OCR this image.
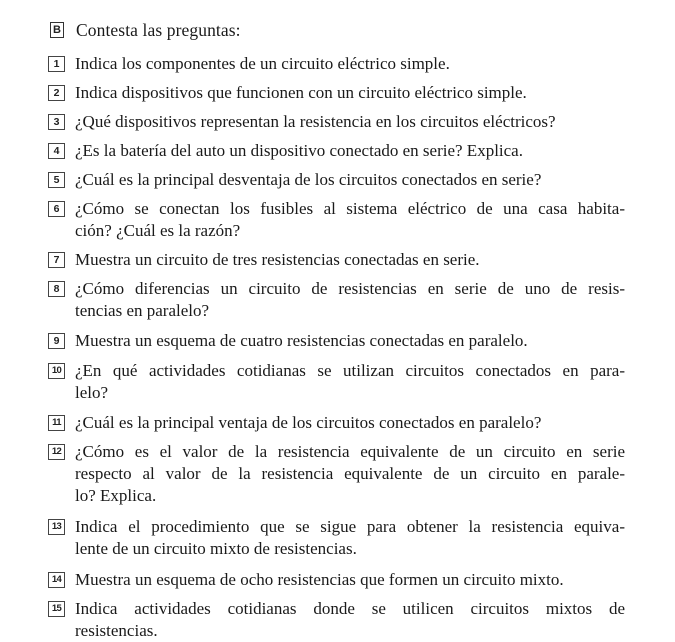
B Contesta las preguntas:
1 Indica los componentes de un circuito eléctrico simple.
2 Indica dispositivos que funcionen con un circuito eléctrico simple.
3 ¿Qué dispositivos representan la resistencia en los circuitos eléctricos?
4 ¿Es la batería del auto un dispositivo conectado en serie? Explica.
5 ¿Cuál es la principal desventaja de los circuitos conectados en serie?
6 ¿Cómo se conectan los fusibles al sistema eléctrico de una casa habita-
ción? ¿Cuál es la razón?
7 Muestra un circuito de tres resistencias conectadas en serie.
8 ¿Cómo diferencias un circuito de resistencias en serie de uno de resis-
tencias en paralelo?
9 Muestra un esquema de cuatro resistencias conectadas en paralelo.
10 ¿En qué actividades cotidianas se utilizan circuitos conectados en para-
lelo?
11 ¿Cuál es la principal ventaja de los circuitos conectados en paralelo?
12 ¿Cómo es el valor de la resistencia equivalente de un circuito en serie
respecto al valor de la resistencia equivalente de un circuito en parale-
lo? Explica.
13 Indica el procedimiento que se sigue para obtener la resistencia equiva-
lente de un circuito mixto de resistencias.
14 Muestra un esquema de ocho resistencias que formen un circuito mixto.
15 Indica actividades cotidianas donde se utilicen circuitos mixtos de
resistencias.
